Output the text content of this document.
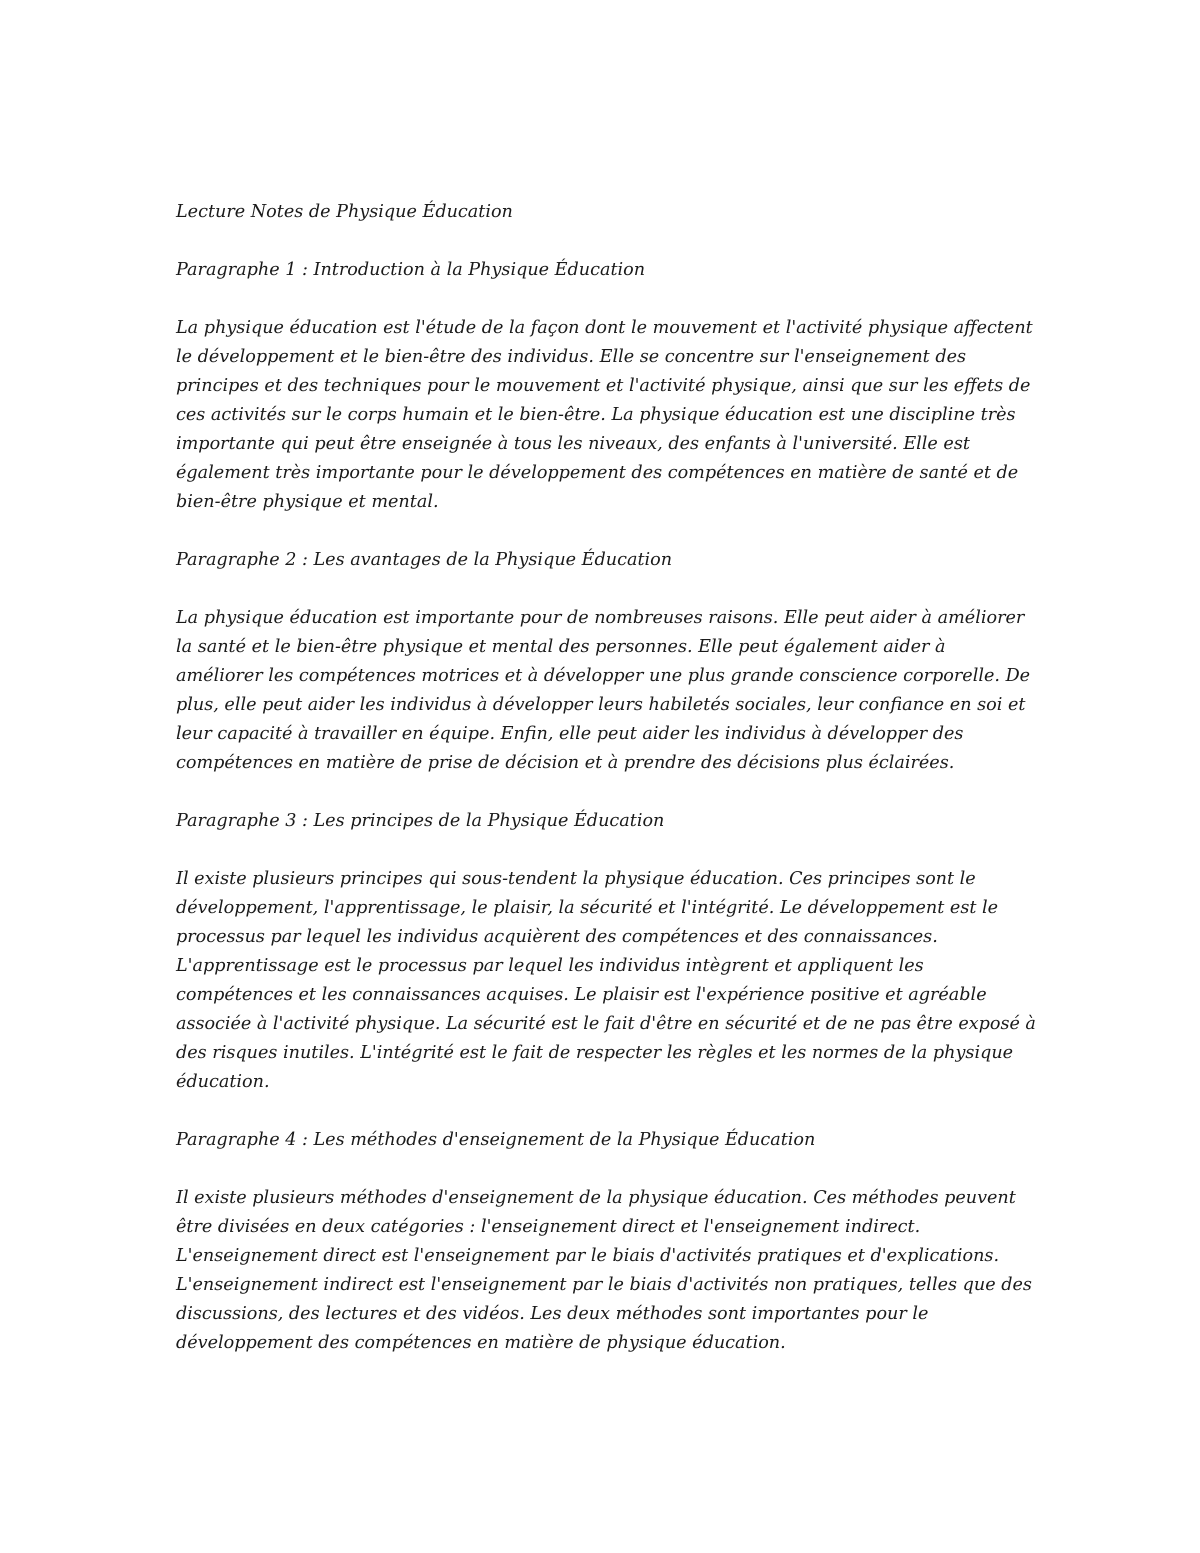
Lecture Notes de Physique Éducation
Paragraphe 1 : Introduction à la Physique Éducation
La physique éducation est l'étude de la façon dont le mouvement et l'activité physique affectent
le développement et le bien-être des individus. Elle se concentre sur l'enseignement des
principes et des techniques pour le mouvement et l'activité physique, ainsi que sur les effets de
ces activités sur le corps humain et le bien-être. La physique éducation est une discipline très
importante qui peut être enseignée à tous les niveaux, des enfants à l'université. Elle est
également très importante pour le développement des compétences en matière de santé et de
bien-être physique et mental.
Paragraphe 2 : Les avantages de la Physique Éducation
La physique éducation est importante pour de nombreuses raisons. Elle peut aider à améliorer
la santé et le bien-être physique et mental des personnes. Elle peut également aider à
améliorer les compétences motrices et à développer une plus grande conscience corporelle. De
plus, elle peut aider les individus à développer leurs habiletés sociales, leur confiance en soi et
leur capacité à travailler en équipe. Enfin, elle peut aider les individus à développer des
compétences en matière de prise de décision et à prendre des décisions plus éclairées.
Paragraphe 3 : Les principes de la Physique Éducation
Il existe plusieurs principes qui sous-tendent la physique éducation. Ces principes sont le
développement, l'apprentissage, le plaisir, la sécurité et l'intégrité. Le développement est le
processus par lequel les individus acquièrent des compétences et des connaissances.
L'apprentissage est le processus par lequel les individus intègrent et appliquent les
compétences et les connaissances acquises. Le plaisir est l'expérience positive et agréable
associée à l'activité physique. La sécurité est le fait d'être en sécurité et de ne pas être exposé à
des risques inutiles. L'intégrité est le fait de respecter les règles et les normes de la physique
éducation.
Paragraphe 4 : Les méthodes d'enseignement de la Physique Éducation
Il existe plusieurs méthodes d'enseignement de la physique éducation. Ces méthodes peuvent
être divisées en deux catégories : l'enseignement direct et l'enseignement indirect.
L'enseignement direct est l'enseignement par le biais d'activités pratiques et d'explications.
L'enseignement indirect est l'enseignement par le biais d'activités non pratiques, telles que des
discussions, des lectures et des vidéos. Les deux méthodes sont importantes pour le
développement des compétences en matière de physique éducation.
